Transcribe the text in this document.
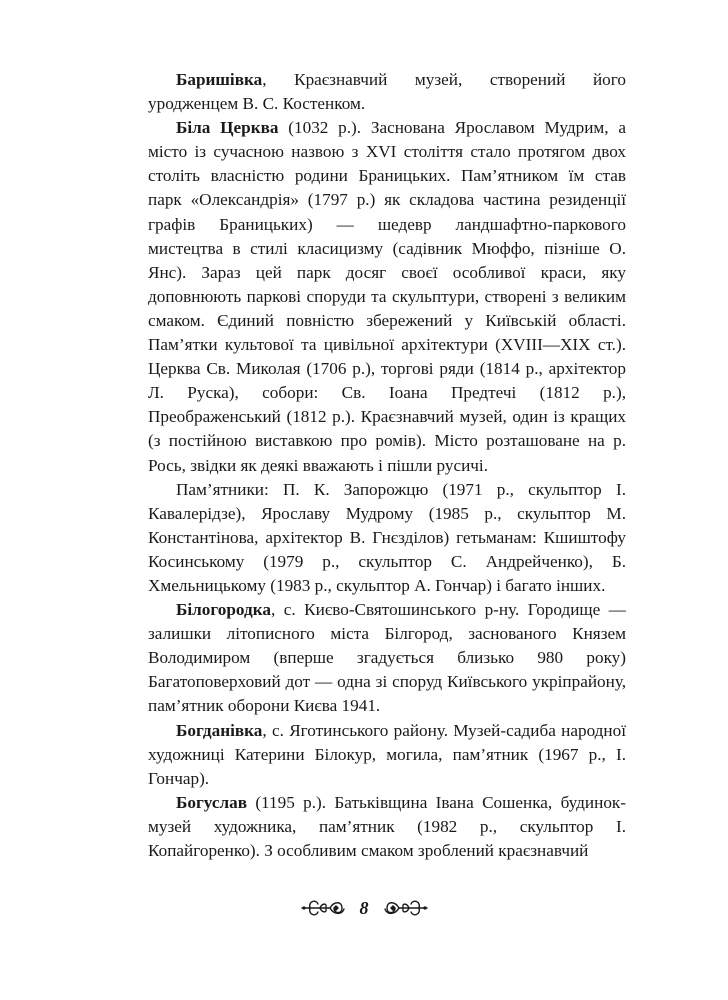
Баришівка, Краєзнавчий музей, створений його уродженцем В. С. Костенком.

Біла Церква (1032 р.). Заснована Ярославом Мудрим, а місто із сучасною назвою з XVI століття стало протягом двох століть власністю родини Браницьких. Пам’ятником їм став парк «Олександрія» (1797 р.) як складова частина резиденції графів Браницьких) — шедевр ландшафтно-паркового мистецтва в стилі класицизму (садівник Мюффо, пізніше О. Янс). Зараз цей парк досяг своєї особливої краси, яку доповнюють паркові споруди та скульптури, створені з великим смаком. Єдиний повністю збережений у Київській області. Пам’ятки культової та цивільної архітектури (XVIII—XIX ст.). Церква Св. Миколая (1706 р.), торгові ряди (1814 р., архітектор Л. Руска), собори: Св. Іоана Предтечі (1812 р.), Преображенський (1812 р.). Краєзнавчий музей, один із кращих (з постійною виставкою про ромів). Місто розташоване на р. Рось, звідки як деякі вважають і пішли русичі.

Пам’ятники: П. К. Запорожцю (1971 р., скульптор І. Кавалерідзе), Ярославу Мудрому (1985 р., скульптор М. Константінова, архітектор В. Гнєзділов) гетьманам: Кшиштофу Косинському (1979 р., скульптор С. Андрейченко), Б. Хмельницькому (1983 р., скульптор А. Гончар) і багато інших.

Білогородка, с. Києво-Святошинського р-ну. Городище — залишки літописного міста Білгород, заснованого Князем Володимиром (вперше згадується близько 980 року) Багатоповерховий дот — одна зі споруд Київського укріпрайону, пам’ятник оборони Києва 1941.

Богданівка, с. Яготинського району. Музей-садиба народної художниці Катерини Білокур, могила, пам’ятник (1967 р., І. Гончар).

Богуслав (1195 р.). Батьківщина Івана Сошенка, будинок-музей художника, пам’ятник (1982 р., скульптор І. Копайгоренко). З особливим смаком зроблений краєзнавчий

8
